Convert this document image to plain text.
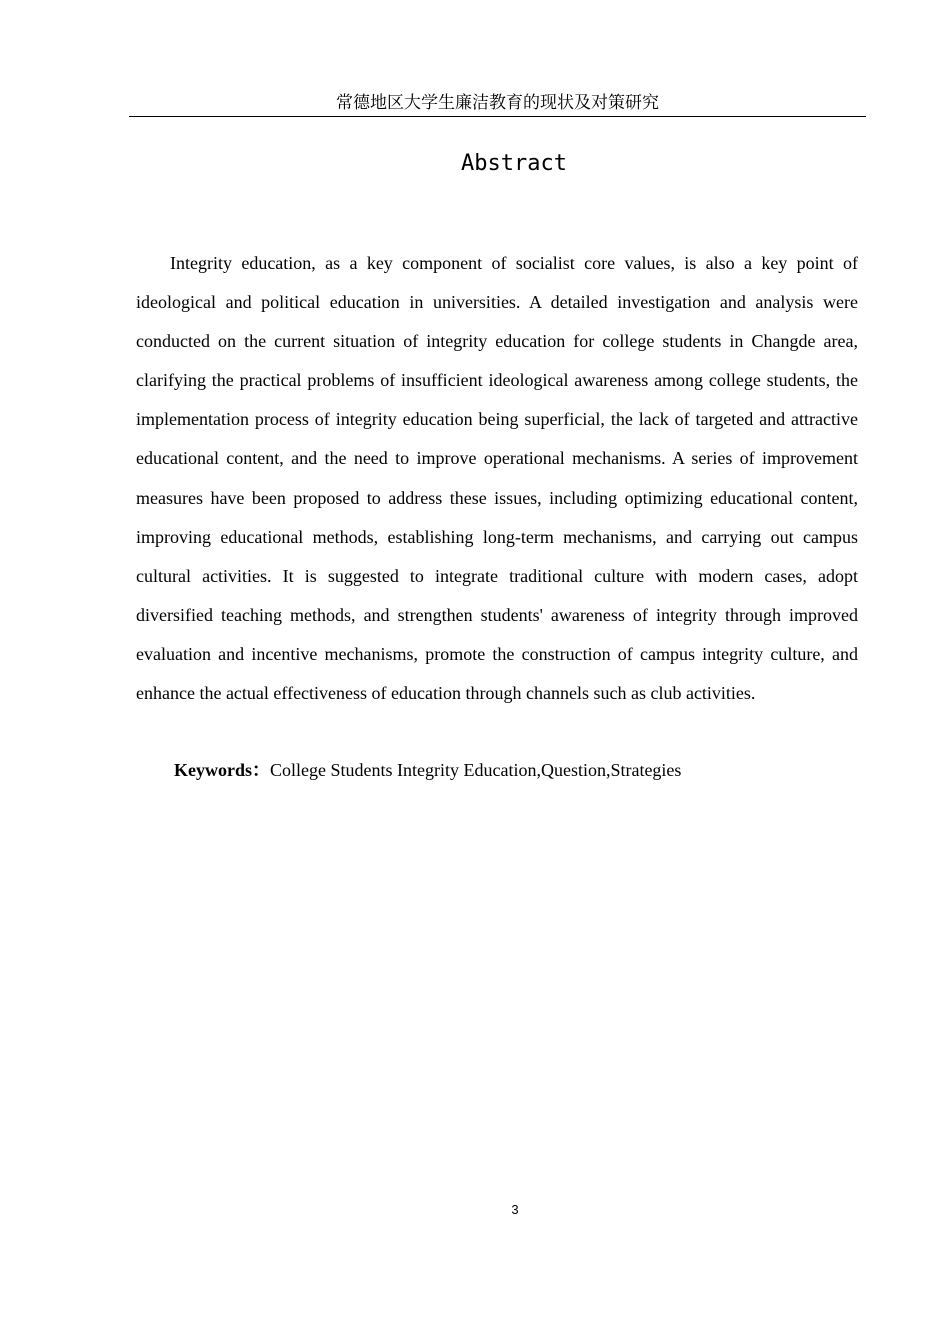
常德地区大学生廉洁教育的现状及对策研究
Abstract

Integrity education, as a key component of socialist core values, is also a key point of ideological and political education in universities. A detailed investigation and analysis were conducted on the current situation of integrity education for college students in Changde area, clarifying the practical problems of insufficient ideological awareness among college students, the implementation process of integrity education being superficial, the lack of targeted and attractive educational content, and the need to improve operational mechanisms. A series of improvement measures have been proposed to address these issues, including optimizing educational content, improving educational methods, establishing long-term mechanisms, and carrying out campus cultural activities. It is suggested to integrate traditional culture with modern cases, adopt diversified teaching methods, and strengthen students' awareness of integrity through improved evaluation and incentive mechanisms, promote the construction of campus integrity culture, and enhance the actual effectiveness of education through channels such as club activities.

Keywords：College Students Integrity Education,Question,Strategies
3
